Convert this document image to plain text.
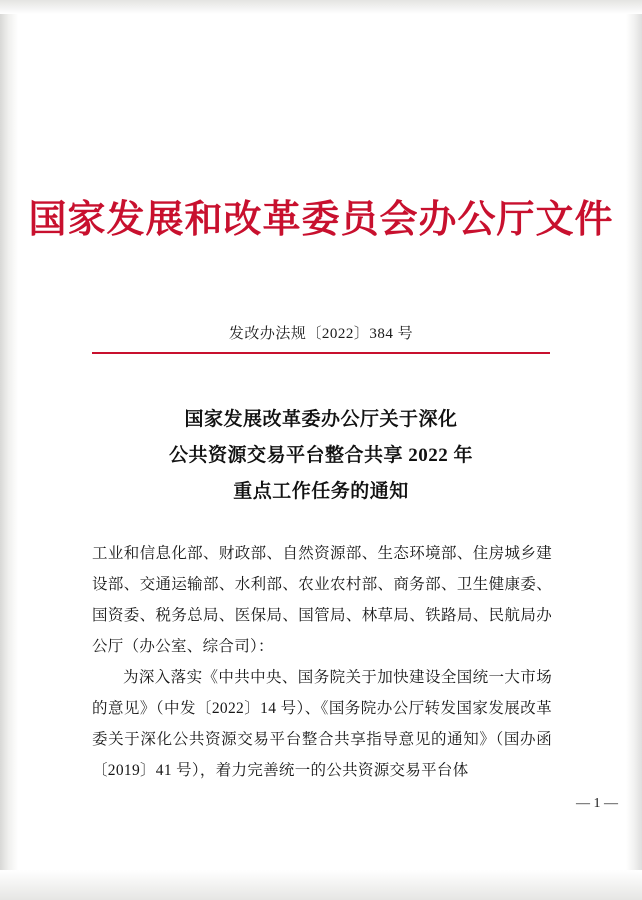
国家发展和改革委员会办公厅文件
发改办法规〔2022〕384 号
国家发展改革委办公厅关于深化
公共资源交易平台整合共享 2022 年
重点工作任务的通知

工业和信息化部、财政部、自然资源部、生态环境部、住房城乡建设部、交通运输部、水利部、农业农村部、商务部、卫生健康委、国资委、税务总局、医保局、国管局、林草局、铁路局、民航局办公厅（办公室、综合司）：

为深入落实《中共中央、国务院关于加快建设全国统一大市场的意见》（中发〔2022〕14 号）、《国务院办公厅转发国家发展改革委关于深化公共资源交易平台整合共享指导意见的通知》（国办函〔2019〕41 号），着力完善统一的公共资源交易平台体

— 1 —
